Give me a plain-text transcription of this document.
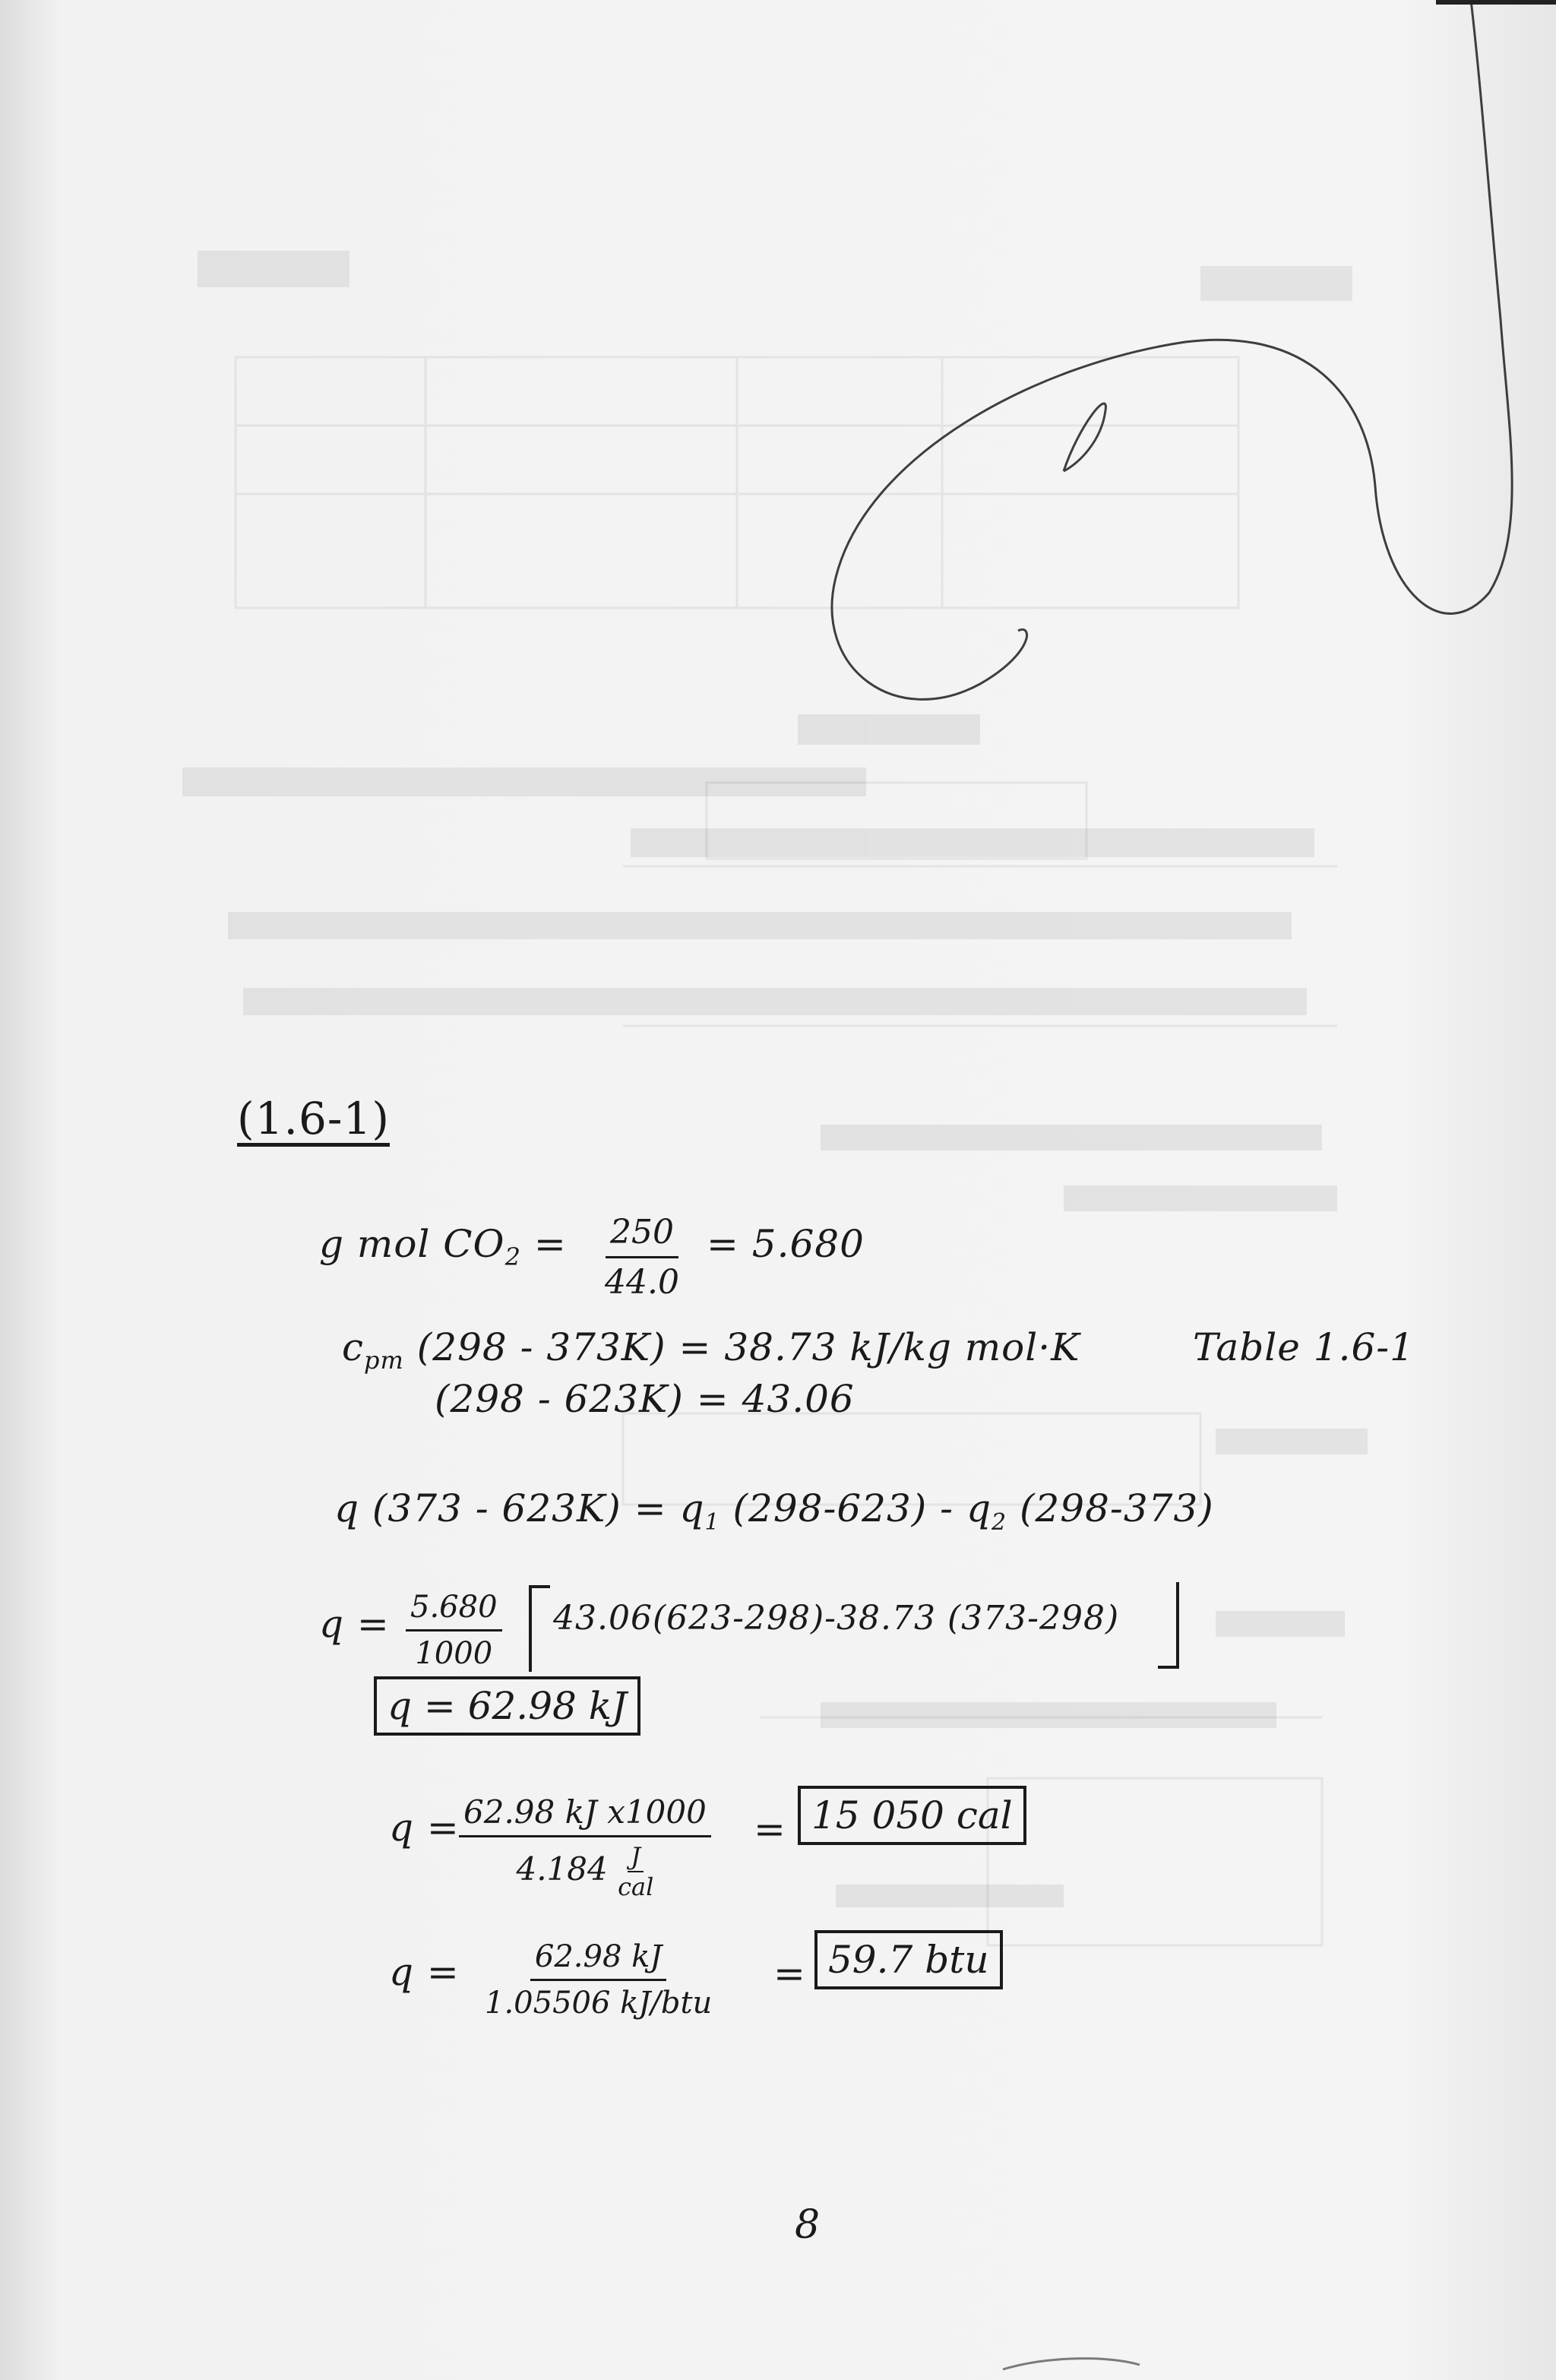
(1.6-1)
g mol $CO_2 = \frac{250}{44.0} = 5.680$
$c_{pm}$ (298 - 373K) = 38.73 kJ/kg mol·K	Table 1.6-1
(298 - 623K) = 43.06
q $(373 - 623K) = q_1$ $(298-623) - q_2$ (298-373)
$q = \frac{5.680}{1000} 43.06(623-298)-38.73$ (373-298)
q = 62.98 kJ
q = 62.98 kJ x1000
4.184 J
cal
= 15 050 cal
q = 62.98 kJ
1.05506 kJ/btu
= 59.7 btu
8
